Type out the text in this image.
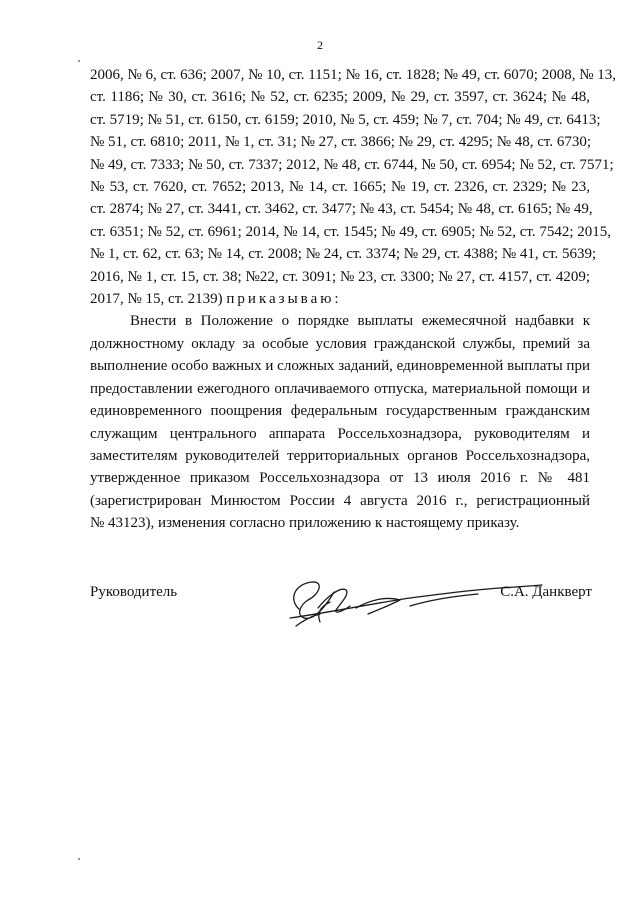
2

2006, № 6, ст. 636; 2007, № 10, ст. 1151; № 16, ст. 1828; № 49, ст. 6070; 2008, № 13,
ст. 1186; № 30, ст. 3616; № 52, ст. 6235; 2009, № 29, ст. 3597, ст. 3624; № 48,
ст. 5719; № 51, ст. 6150, ст. 6159; 2010, № 5, ст. 459; № 7, ст. 704; № 49, ст. 6413;
№ 51, ст. 6810; 2011, № 1, ст. 31; № 27, ст. 3866; № 29, ст. 4295; № 48, ст. 6730;
№ 49, ст. 7333; № 50, ст. 7337; 2012, № 48, ст. 6744, № 50, ст. 6954; № 52, ст. 7571;
№ 53, ст. 7620, ст. 7652; 2013, № 14, ст. 1665; № 19, ст. 2326, ст. 2329; № 23,
ст. 2874; № 27, ст. 3441, ст. 3462, ст. 3477; № 43, ст. 5454; № 48, ст. 6165; № 49,
ст. 6351; № 52, ст. 6961; 2014, № 14, ст. 1545; № 49, ст. 6905; № 52, ст. 7542; 2015,
№ 1, ст. 62, ст. 63; № 14, ст. 2008; № 24, ст. 3374; № 29, ст. 4388; № 41, ст. 5639;
2016, № 1, ст. 15, ст. 38; №22, ст. 3091; № 23, ст. 3300; № 27, ст. 4157, ст. 4209;
2017, № 15, ст. 2139) приказываю:

Внести в Положение о порядке выплаты ежемесячной надбавки к
должностному окладу за особые условия гражданской службы, премий за
выполнение особо важных и сложных заданий, единовременной выплаты при
предоставлении ежегодного оплачиваемого отпуска, материальной помощи и
единовременного поощрения федеральным государственным гражданским
служащим центрального аппарата Россельхознадзора, руководителям и
заместителям руководителей территориальных органов Россельхознадзора,
утвержденное приказом Россельхознадзора от 13 июля 2016 г. № 481
(зарегистрирован Минюстом России 4 августа 2016 г., регистрационный
№ 43123), изменения согласно приложению к настоящему приказу.

Руководитель	С.А. Данкверт
